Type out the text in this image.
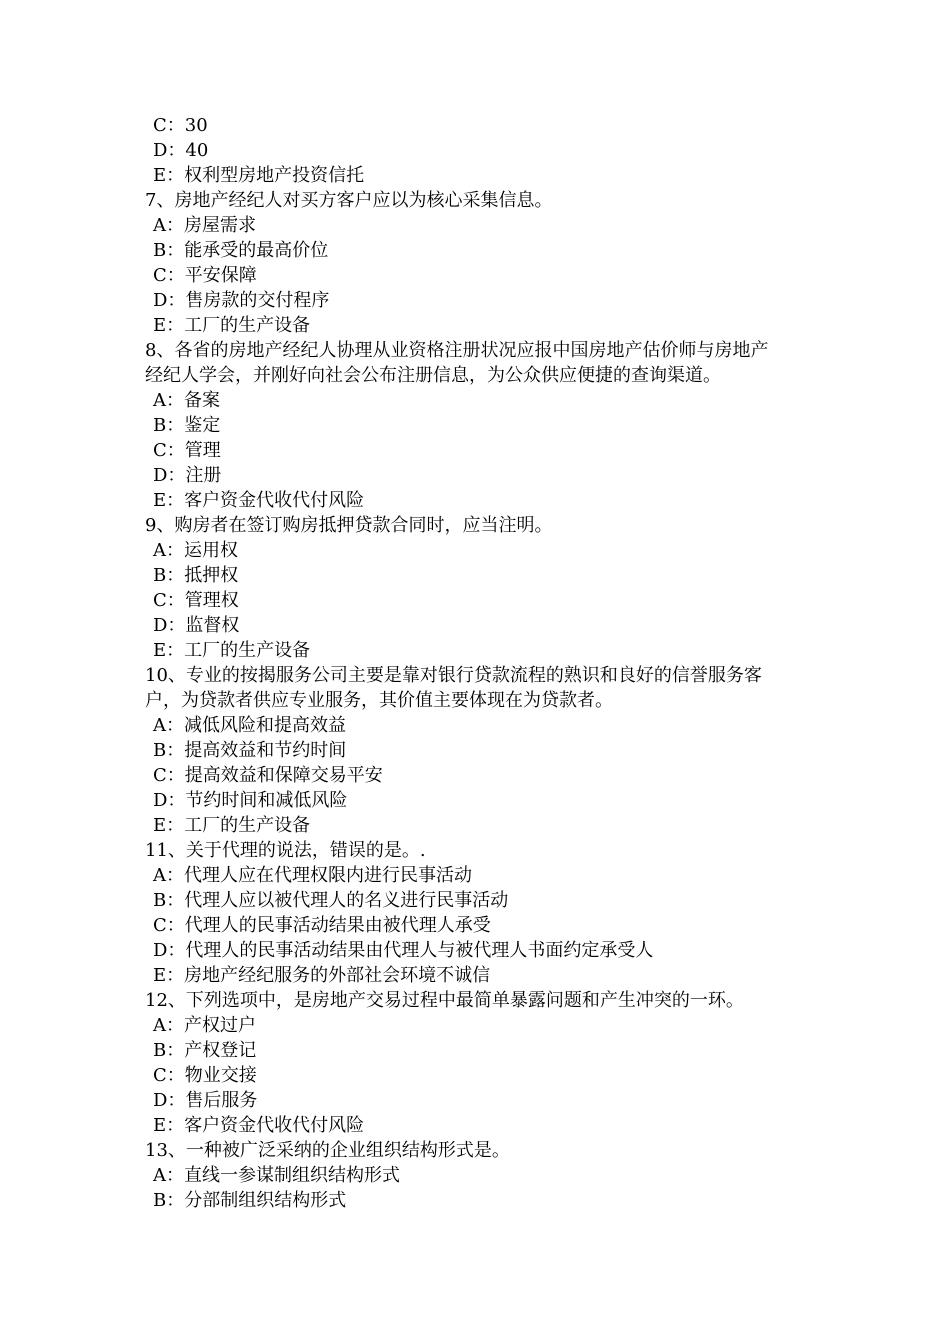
C：30
D：40
E：权利型房地产投资信托
7、房地产经纪人对买方客户应以为核心采集信息。
A：房屋需求
B：能承受的最高价位
C：平安保障
D：售房款的交付程序
E：工厂的生产设备
8、各省的房地产经纪人协理从业资格注册状况应报中国房地产估价师与房地产
经纪人学会，并刚好向社会公布注册信息，为公众供应便捷的查询渠道。
A：备案
B：鉴定
C：管理
D：注册
E：客户资金代收代付风险
9、购房者在签订购房抵押贷款合同时，应当注明。
A：运用权
B：抵押权
C：管理权
D：监督权
E：工厂的生产设备
10、专业的按揭服务公司主要是靠对银行贷款流程的熟识和良好的信誉服务客
户，为贷款者供应专业服务，其价值主要体现在为贷款者。
A：减低风险和提高效益
B：提高效益和节约时间
C：提高效益和保障交易平安
D：节约时间和减低风险
E：工厂的生产设备
11、关于代理的说法，错误的是。.
A：代理人应在代理权限内进行民事活动
B：代理人应以被代理人的名义进行民事活动
C：代理人的民事活动结果由被代理人承受
D：代理人的民事活动结果由代理人与被代理人书面约定承受人
E：房地产经纪服务的外部社会环境不诚信
12、下列选项中，是房地产交易过程中最简单暴露问题和产生冲突的一环。
A：产权过户
B：产权登记
C：物业交接
D：售后服务
E：客户资金代收代付风险
13、一种被广泛采纳的企业组织结构形式是。
A：直线一参谋制组织结构形式
B：分部制组织结构形式
